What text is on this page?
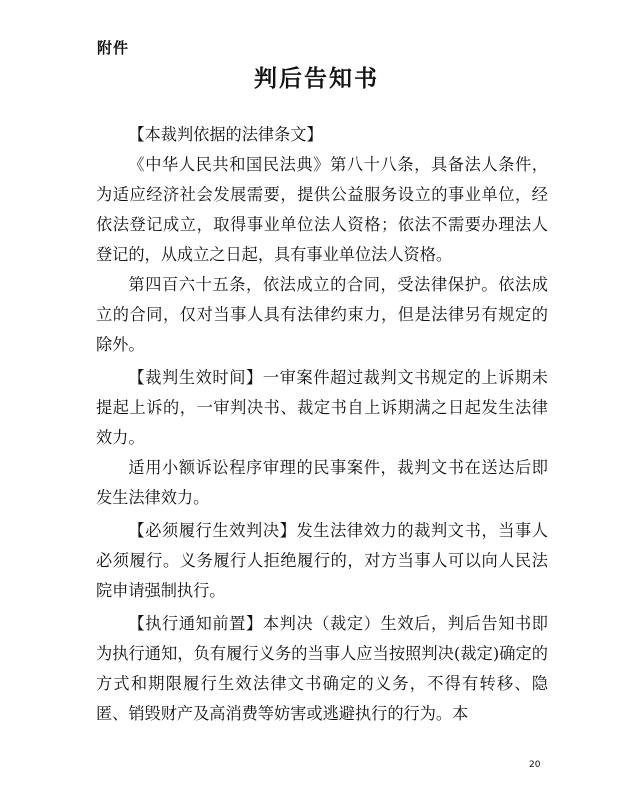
附件
判后告知书

【本裁判依据的法律条文】

《中华人民共和国民法典》第八十八条，具备法人条件，为适应经济社会发展需要，提供公益服务设立的事业单位，经依法登记成立，取得事业单位法人资格；依法不需要办理法人登记的，从成立之日起，具有事业单位法人资格。

第四百六十五条，依法成立的合同，受法律保护。依法成立的合同，仅对当事人具有法律约束力，但是法律另有规定的除外。

【裁判生效时间】一审案件超过裁判文书规定的上诉期未提起上诉的，一审判决书、裁定书自上诉期满之日起发生法律效力。

适用小额诉讼程序审理的民事案件，裁判文书在送达后即发生法律效力。

【必须履行生效判决】发生法律效力的裁判文书，当事人必须履行。义务履行人拒绝履行的，对方当事人可以向人民法院申请强制执行。

【执行通知前置】本判决（裁定）生效后，判后告知书即为执行通知，负有履行义务的当事人应当按照判决(裁定)确定的方式和期限履行生效法律文书确定的义务，不得有转移、隐匿、销毁财产及高消费等妨害或逃避执行的行为。本

20
